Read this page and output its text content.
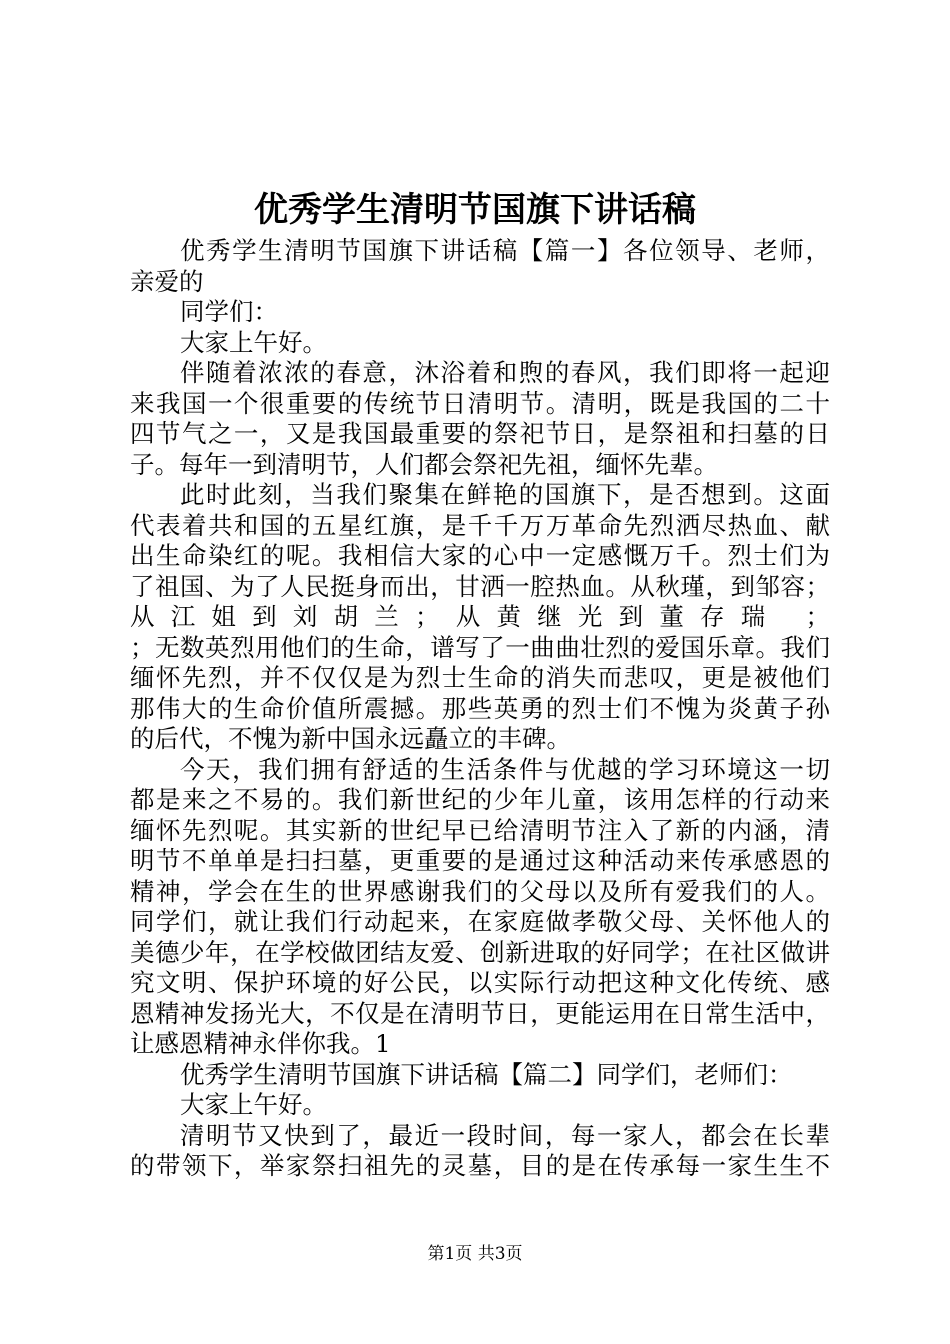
优秀学生清明节国旗下讲话稿
优秀学生清明节国旗下讲话稿【篇一】各位领导、老师，
亲爱的
同学们：
大家上午好。
伴随着浓浓的春意，沐浴着和煦的春风，我们即将一起迎
来我国一个很重要的传统节日清明节。清明，既是我国的二十
四节气之一，又是我国最重要的祭祀节日，是祭祖和扫墓的日
子。每年一到清明节，人们都会祭祀先祖，缅怀先辈。
此时此刻，当我们聚集在鲜艳的国旗下，是否想到。这面
代表着共和国的五星红旗，是千千万万革命先烈洒尽热血、献
出生命染红的呢。我相信大家的心中一定感慨万千。烈士们为
了祖国、为了人民挺身而出，甘洒一腔热血。从秋瑾，到邹容；
从江姐到刘胡兰；从黄继光到董存瑞 ；
；无数英烈用他们的生命，谱写了一曲曲壮烈的爱国乐章。我们
缅怀先烈，并不仅仅是为烈士生命的消失而悲叹，更是被他们
那伟大的生命价值所震撼。那些英勇的烈士们不愧为炎黄子孙
的后代，不愧为新中国永远矗立的丰碑。
今天，我们拥有舒适的生活条件与优越的学习环境这一切
都是来之不易的。我们新世纪的少年儿童，该用怎样的行动来
缅怀先烈呢。其实新的世纪早已给清明节注入了新的内涵，清
明节不单单是扫扫墓，更重要的是通过这种活动来传承感恩的
精神，学会在生的世界感谢我们的父母以及所有爱我们的人。
同学们，就让我们行动起来，在家庭做孝敬父母、关怀他人的
美德少年，在学校做团结友爱、创新进取的好同学；在社区做讲
究文明、保护环境的好公民，以实际行动把这种文化传统、感
恩精神发扬光大，不仅是在清明节日，更能运用在日常生活中，
让感恩精神永伴你我。1
优秀学生清明节国旗下讲话稿【篇二】同学们，老师们：
大家上午好。
清明节又快到了，最近一段时间，每一家人，都会在长辈
的带领下，举家祭扫祖先的灵墓，目的是在传承每一家生生不
第1页 共3页
